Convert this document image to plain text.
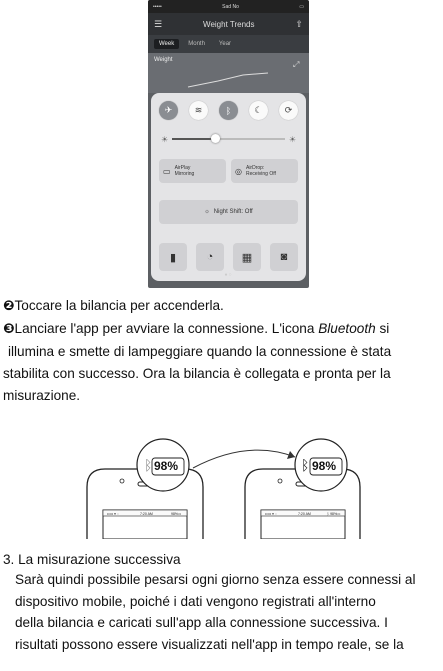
•••••	Sad No	▭
☰	Weight Trends	⇧
Week	Month	Year
Weight	⤢
✈	≋	ᛒ	☾	⟳
☀	☀
▭ AirPlay
Mirroring	◎ AirDrop:
Receiving Off
☼ Night Shift: Off
▮	◔	▦	◙
●○
❷Toccare la bilancia per accenderla.
❸Lanciare l'app per avviare la connessione. L'icona Bluetooth si
illumina e smette di lampeggiare quando la connessione è stata
stabilita con successo. Ora la bilancia è collegata e pronta per la
misurazione.
••••• ▾ ◌	7:20 AM	98%▭
ᛒ 98%
••••• ▾ ◌	7:20 AM	ᛒ 98%▭
ᛒ 98%
3. La misurazione successiva
Sarà quindi possibile pesarsi ogni giorno senza essere connessi al
dispositivo mobile, poiché i dati vengono registrati all'interno
della bilancia e caricati sull'app alla connessione successiva. I
risultati possono essere visualizzati nell'app in tempo reale, se la
